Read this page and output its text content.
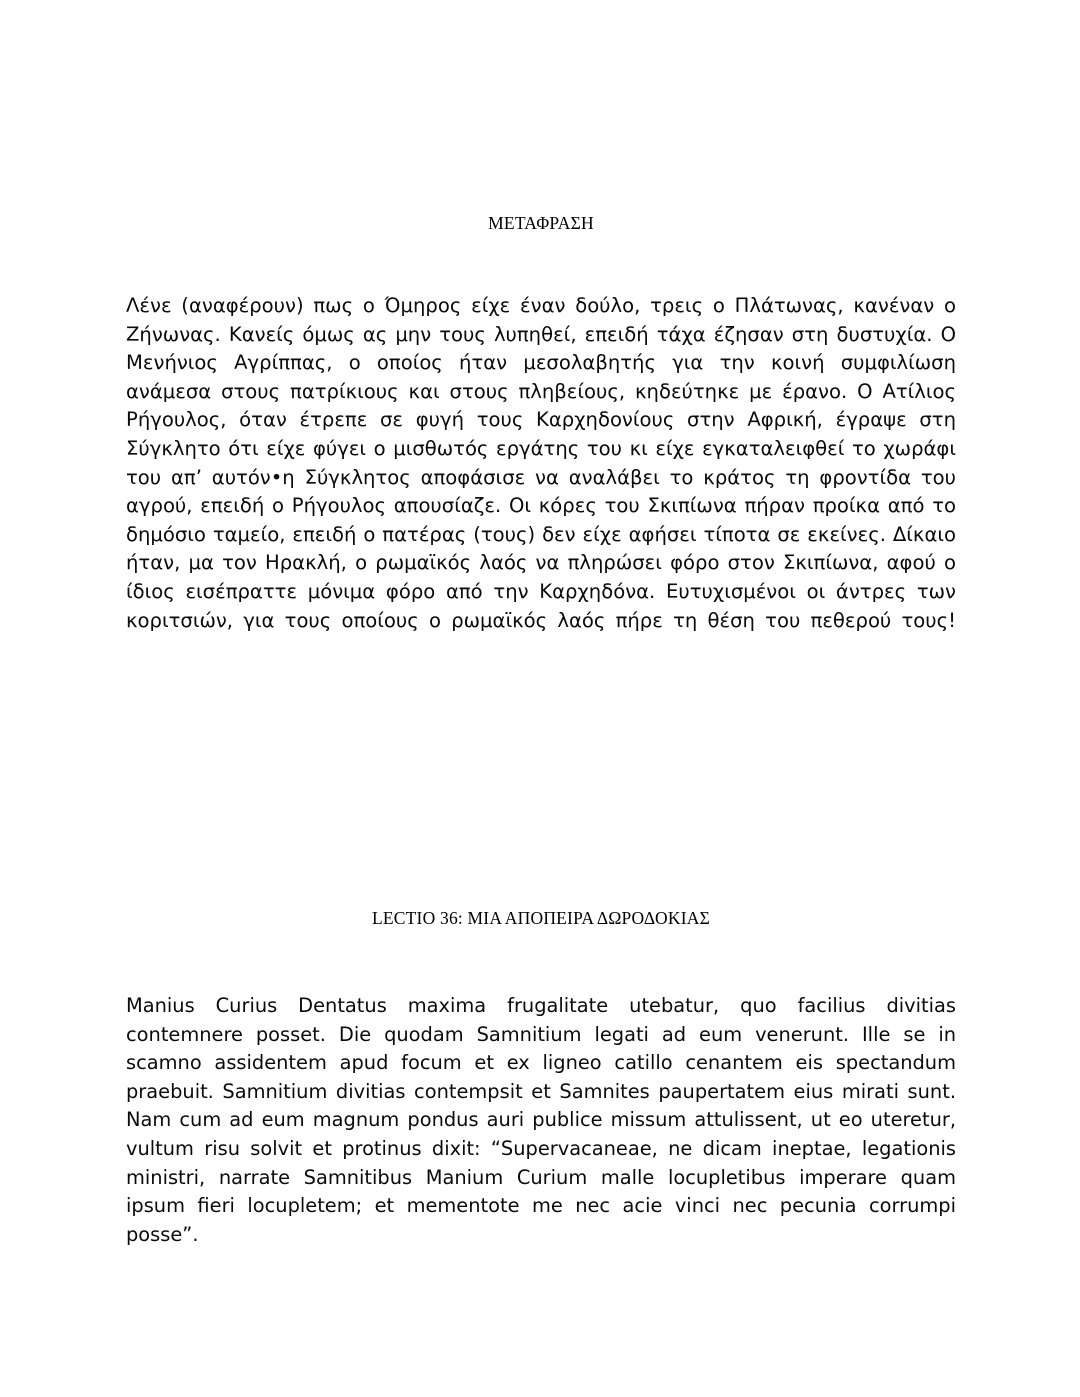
ΜΕΤΑΦΡΑΣΗ

Λένε (αναφέρουν) πως ο Όμηρος είχε έναν δούλο, τρεις ο Πλάτωνας, κανέναν ο Ζήνωνας. Κανείς όμως ας μην τους λυπηθεί, επειδή τάχα έζησαν στη δυστυχία. Ο Μενήνιος Αγρίππας, ο οποίος ήταν μεσολαβητής για την κοινή συμφιλίωση ανάμεσα στους πατρίκιους και στους πληβείους, κηδεύτηκε με έρανο. Ο Ατίλιος Ρήγουλος, όταν έτρεπε σε φυγή τους Καρχηδονίους στην Αφρική, έγραψε στη Σύγκλητο ότι είχε φύγει ο μισθωτός εργάτης του κι είχε εγκαταλειφθεί το χωράφι του απ’ αυτόν•η Σύγκλητος αποφάσισε να αναλάβει το κράτος τη φροντίδα του αγρού, επειδή ο Ρήγουλος απουσίαζε. Οι κόρες του Σκιπίωνα πήραν προίκα από το δημόσιο ταμείο, επειδή ο πατέρας (τους) δεν είχε αφήσει τίποτα σε εκείνες. Δίκαιο ήταν, μα τον Ηρακλή, ο ρωμαϊκός λαός να πληρώσει φόρο στον Σκιπίωνα, αφού ο ίδιος εισέπραττε μόνιμα φόρο από την Καρχηδόνα. Ευτυχισμένοι οι άντρες των κοριτσιών, για τους οποίους ο ρωμαϊκός λαός πήρε τη θέση του πεθερού τους!

LECTIO 36: ΜΙΑ ΑΠΟΠΕΙΡΑ ΔΩΡΟΔΟΚΙΑΣ

Manius Curius Dentatus maxima frugalitate utebatur, quo facilius divitias contemnere posset. Die quodam Samnitium legati ad eum venerunt. Ille se in scamno assidentem apud focum et ex ligneo catillo cenantem eis spectandum praebuit. Samnitium divitias contempsit et Samnites paupertatem eius mirati sunt. Nam cum ad eum magnum pondus auri publice missum attulissent, ut eo uteretur, vultum risu solvit et protinus dixit: “Supervacaneae, ne dicam ineptae, legationis ministri, narrate Samnitibus Manium Curium malle locupletibus imperare quam ipsum fieri locupletem; et mementote me nec acie vinci nec pecunia corrumpi posse”.
